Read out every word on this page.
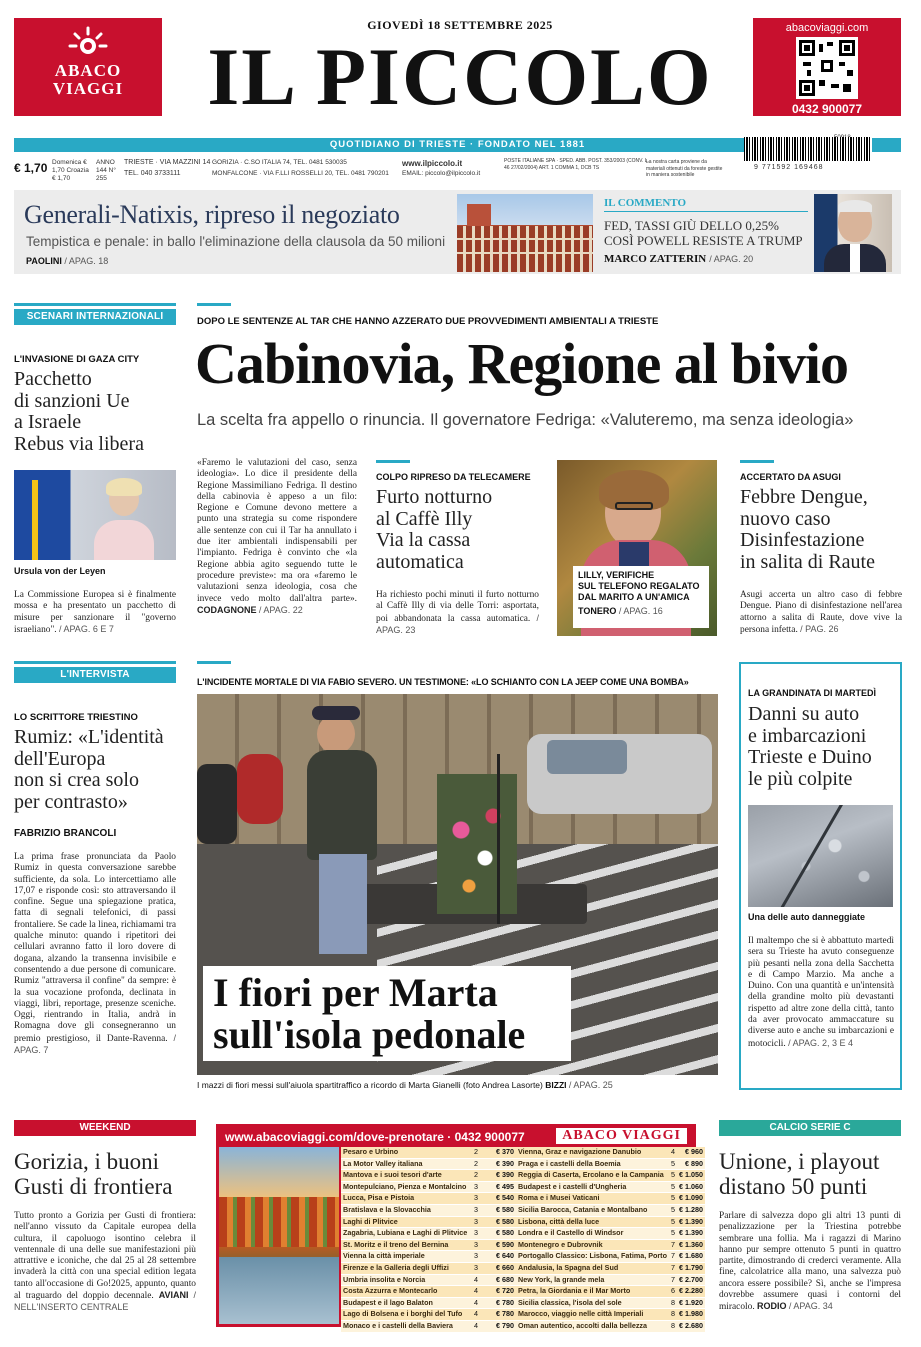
ABACO
VIAGGI
GIOVEDÌ 18 SETTEMBRE 2025
IL PICCOLO
abacoviaggi.com
0432 900077
QUOTIDIANO DI TRIESTE · FONDATO NEL 1881
€ 1,70 Domenica € 1,70 Croazia € 1,70
ANNO 144 N° 255
TRIESTE · VIA MAZZINI 14
TEL. 040 3733111
GORIZIA · C.SO ITALIA 74, TEL. 0481 530035
MONFALCONE · VIA F.LLI ROSSELLI 20, TEL. 0481 790201
www.ilpiccolo.it
EMAIL: piccolo@ilpiccolo.it
POSTE ITALIANE SPA · SPED. ABB. POST. 353/2003 (CONV. L. 46 27/02/2004) ART. 1 COMMA 1, DCB TS
La nostra carta proviene da materiali ottenuti da foreste gestite in maniera sostenibile
9 771592 169468
Generali-Natixis, ripreso il negoziato
Tempistica e penale: in ballo l'eliminazione della clausola da 50 milioni
PAOLINI / APAG. 18
IL COMMENTO
FED, TASSI GIÙ DELLO 0,25%
COSÌ POWELL RESISTE A TRUMP
MARCO ZATTERIN / APAG. 20
SCENARI INTERNAZIONALI
L'INVASIONE DI GAZA CITY
Pacchetto
di sanzioni Ue
a Israele
Rebus via libera
Ursula von der Leyen
La Commissione Europea si è finalmente mossa e ha presentato un pacchetto di misure per sanzionare il "governo israeliano". / APAG. 6 E 7
DOPO LE SENTENZE AL TAR CHE HANNO AZZERATO DUE PROVVEDIMENTI AMBIENTALI A TRIESTE
Cabinovia, Regione al bivio
La scelta fra appello o rinuncia. Il governatore Fedriga: «Valuteremo, ma senza ideologia»
«Faremo le valutazioni del caso, senza ideologia». Lo dice il presidente della Regione Massimiliano Fedriga. Il destino della cabinovia è appeso a un filo: Regione e Comune devono mettere a punto una strategia su come rispondere alle sentenze con cui il Tar ha annullato i due iter ambientali indispensabili per l'impianto. Fedriga è convinto che «la Regione abbia agito seguendo tutte le procedure previste»: ma ora «faremo le valutazioni senza ideologia, cosa che invece vedo molto dall'altra parte». CODAGNONE / APAG. 22
COLPO RIPRESO DA TELECAMERE
Furto notturno
al Caffè Illy
Via la cassa
automatica
Ha richiesto pochi minuti il furto notturno al Caffè Illy di via delle Torri: asportata, poi abbandonata la cassa automatica. / APAG. 23
LILLY, VERIFICHE
SUL TELEFONO REGALATO
DAL MARITO A UN'AMICA
TONERO / APAG. 16
ACCERTATO DA ASUGI
Febbre Dengue,
nuovo caso
Disinfestazione
in salita di Raute
Asugi accerta un altro caso di febbre Dengue. Piano di disinfestazione nell'area attorno a salita di Raute, dove vive la persona infetta. / PAG. 26
L'INTERVISTA
LO SCRITTORE TRIESTINO
Rumiz: «L'identità
dell'Europa
non si crea solo
per contrasto»
FABRIZIO BRANCOLI
La prima frase pronunciata da Paolo Rumiz in questa conversazione sarebbe sufficiente, da sola. Lo intercettiamo alle 17,07 e risponde così: sto attraversando il confine. Segue una spiegazione pratica, fatta di segnali telefonici, di passi frontaliere. Se cade la linea, richiamami tra qualche minuto: quando i ripetitori dei cellulari avranno fatto il loro dovere di dogana, alzando la transenna invisibile e consentendo a due persone di comunicare. Rumiz "attraversa il confine" da sempre: è la sua vocazione profonda, declinata in viaggi, libri, reportage, presenze sceniche. Oggi, rientrando in Italia, andrà in Romagna dove gli consegneranno un premio prestigioso, il Dante-Ravenna. / APAG. 7
L'INCIDENTE MORTALE DI VIA FABIO SEVERO. UN TESTIMONE: «LO SCHIANTO CON LA JEEP COME UNA BOMBA»
I fiori per Marta
sull'isola pedonale
I mazzi di fiori messi sull'aiuola spartitraffico a ricordo di Marta Gianelli (foto Andrea Lasorte) BIZZI / APAG. 25
LA GRANDINATA DI MARTEDÌ
Danni su auto
e imbarcazioni
Trieste e Duino
le più colpite
Una delle auto danneggiate
Il maltempo che si è abbattuto martedì sera su Trieste ha avuto conseguenze più pesanti nella zona della Sacchetta e di Campo Marzio. Ma anche a Duino. Con una quantità e un'intensità della grandine molto più devastanti rispetto ad altre zone della città, tanto da aver provocato ammaccature su diverse auto e anche su imbarcazioni e motocicli. / APAG. 2, 3 E 4
WEEKEND
Gorizia, i buoni
Gusti di frontiera
Tutto pronto a Gorizia per Gusti di frontiera: nell'anno vissuto da Capitale europea della cultura, il capoluogo isontino celebra il ventennale di una delle sue manifestazioni più attrattive e iconiche, che dal 25 al 28 settembre invaderà la città con una special edition legata tanto all'occasione di Go!2025, appunto, quanto al traguardo del doppio decennale. AVIANI / NELL'INSERTO CENTRALE
www.abacoviaggi.com/dove-prenotare · 0432 900077	ABACO VIAGGI
Pesaro e Urbino	2	€ 370
La Motor Valley italiana	2	€ 390
Mantova e i suoi tesori d'arte	2	€ 390
Montepulciano, Pienza e Montalcino	3	€ 495
Lucca, Pisa e Pistoia	3	€ 540
Bratislava e la Slovacchia	3	€ 580
Laghi di Plitvice	3	€ 580
Zagabria, Lubiana e Laghi di Plitvice	3	€ 580
St. Moritz e il treno del Bernina	3	€ 590
Vienna la città imperiale	3	€ 640
Firenze e la Galleria degli Uffizi	3	€ 660
Umbria insolita e Norcia	4	€ 680
Costa Azzurra e Montecarlo	4	€ 720
Budapest e il lago Balaton	4	€ 780
Lago di Bolsena e i borghi del Tufo	4	€ 780
Monaco e i castelli della Baviera	4	€ 790
Vienna, Graz e navigazione Danubio	4	€ 960
Praga e i castelli della Boemia	5	€ 890
Reggia di Caserta, Ercolano e la Campania	5	€ 1.050
Budapest e i castelli d'Ungheria	5	€ 1.060
Roma e i Musei Vaticani	5	€ 1.090
Sicilia Barocca, Catania e Montalbano	5	€ 1.280
Lisbona, città della luce	5	€ 1.390
Londra e il Castello di Windsor	5	€ 1.390
Montenegro e Dubrovnik	7	€ 1.360
Portogallo Classico: Lisbona, Fatima, Porto	7	€ 1.680
Andalusia, la Spagna del Sud	7	€ 1.790
New York, la grande mela	7	€ 2.700
Petra, la Giordania e il Mar Morto	6	€ 2.280
Sicilia classica, l'isola del sole	8	€ 1.920
Marocco, viaggio nelle città Imperiali	8	€ 1.980
Oman autentico, accolti dalla bellezza	8	€ 2.680
CALCIO SERIE C
Unione, i playout
distano 50 punti
Parlare di salvezza dopo gli altri 13 punti di penalizzazione per la Triestina potrebbe sembrare una follia. Ma i ragazzi di Marino hanno pur sempre ottenuto 5 punti in quattro partite, dimostrando di crederci veramente. Alla fine, calcolatrice alla mano, una salvezza può ancora essere possibile? Sì, anche se l'impresa dovrebbe assumere quasi i contorni del miracolo. RODIO / APAG. 34
